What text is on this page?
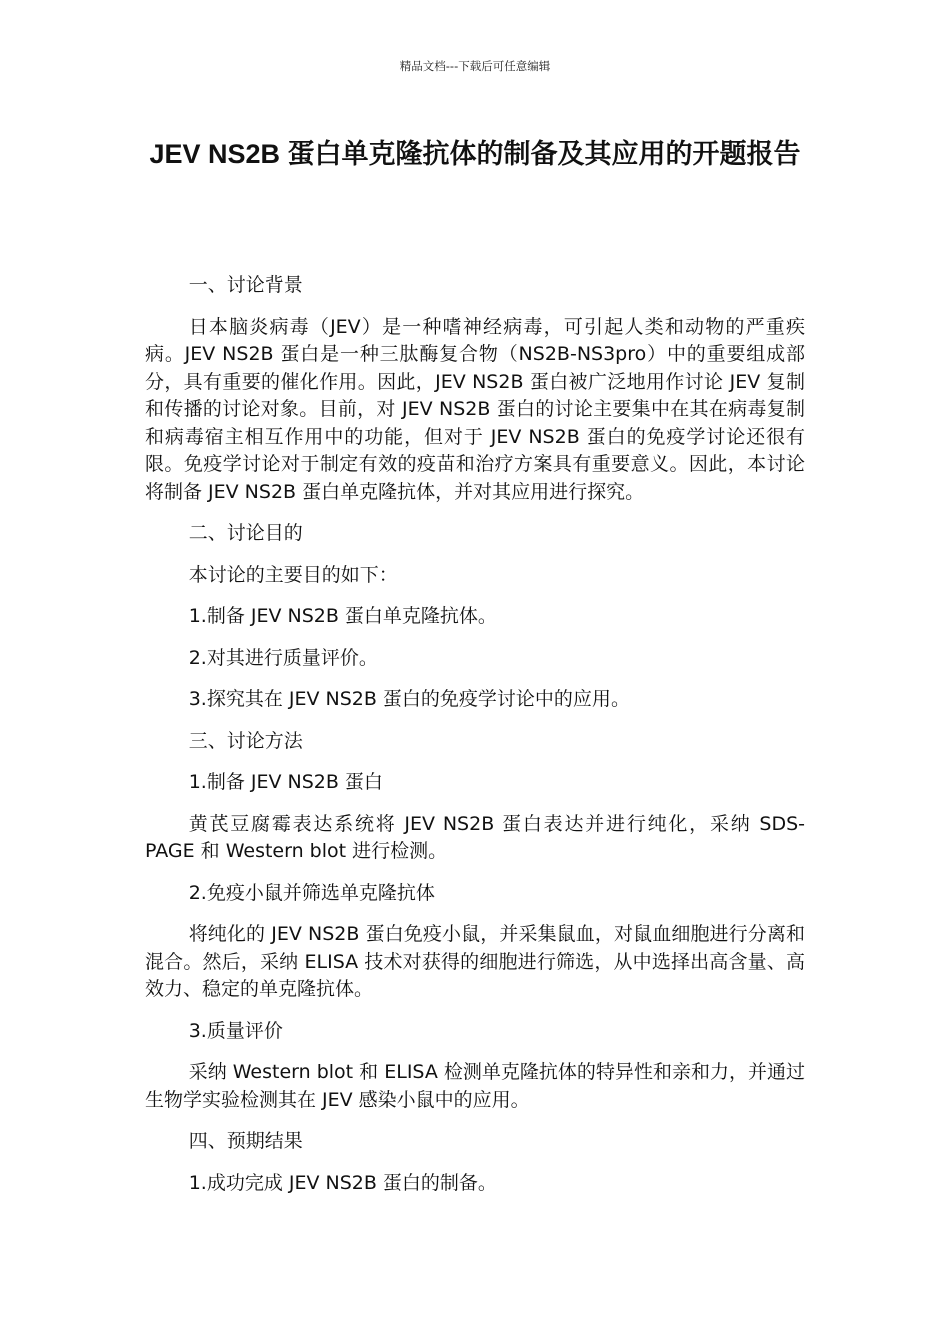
精品文档---下载后可任意编辑
JEV NS2B 蛋白单克隆抗体的制备及其应用的开题报告

一、讨论背景

日本脑炎病毒（JEV）是一种嗜神经病毒，可引起人类和动物的严重疾病。JEV NS2B 蛋白是一种三肽酶复合物（NS2B-NS3pro）中的重要组成部分，具有重要的催化作用。因此，JEV NS2B 蛋白被广泛地用作讨论 JEV 复制和传播的讨论对象。目前，对 JEV NS2B 蛋白的讨论主要集中在其在病毒复制和病毒宿主相互作用中的功能，但对于 JEV NS2B 蛋白的免疫学讨论还很有限。免疫学讨论对于制定有效的疫苗和治疗方案具有重要意义。因此，本讨论将制备 JEV NS2B 蛋白单克隆抗体，并对其应用进行探究。

二、讨论目的

本讨论的主要目的如下：

1.制备 JEV NS2B 蛋白单克隆抗体。

2.对其进行质量评价。

3.探究其在 JEV NS2B 蛋白的免疫学讨论中的应用。

三、讨论方法

1.制备 JEV NS2B 蛋白

黄芪豆腐霉表达系统将 JEV NS2B 蛋白表达并进行纯化，采纳 SDS-PAGE 和 Western blot 进行检测。

2.免疫小鼠并筛选单克隆抗体

将纯化的 JEV NS2B 蛋白免疫小鼠，并采集鼠血，对鼠血细胞进行分离和混合。然后，采纳 ELISA 技术对获得的细胞进行筛选，从中选择出高含量、高效力、稳定的单克隆抗体。

3.质量评价

采纳 Western blot 和 ELISA 检测单克隆抗体的特异性和亲和力，并通过生物学实验检测其在 JEV 感染小鼠中的应用。

四、预期结果

1.成功完成 JEV NS2B 蛋白的制备。
